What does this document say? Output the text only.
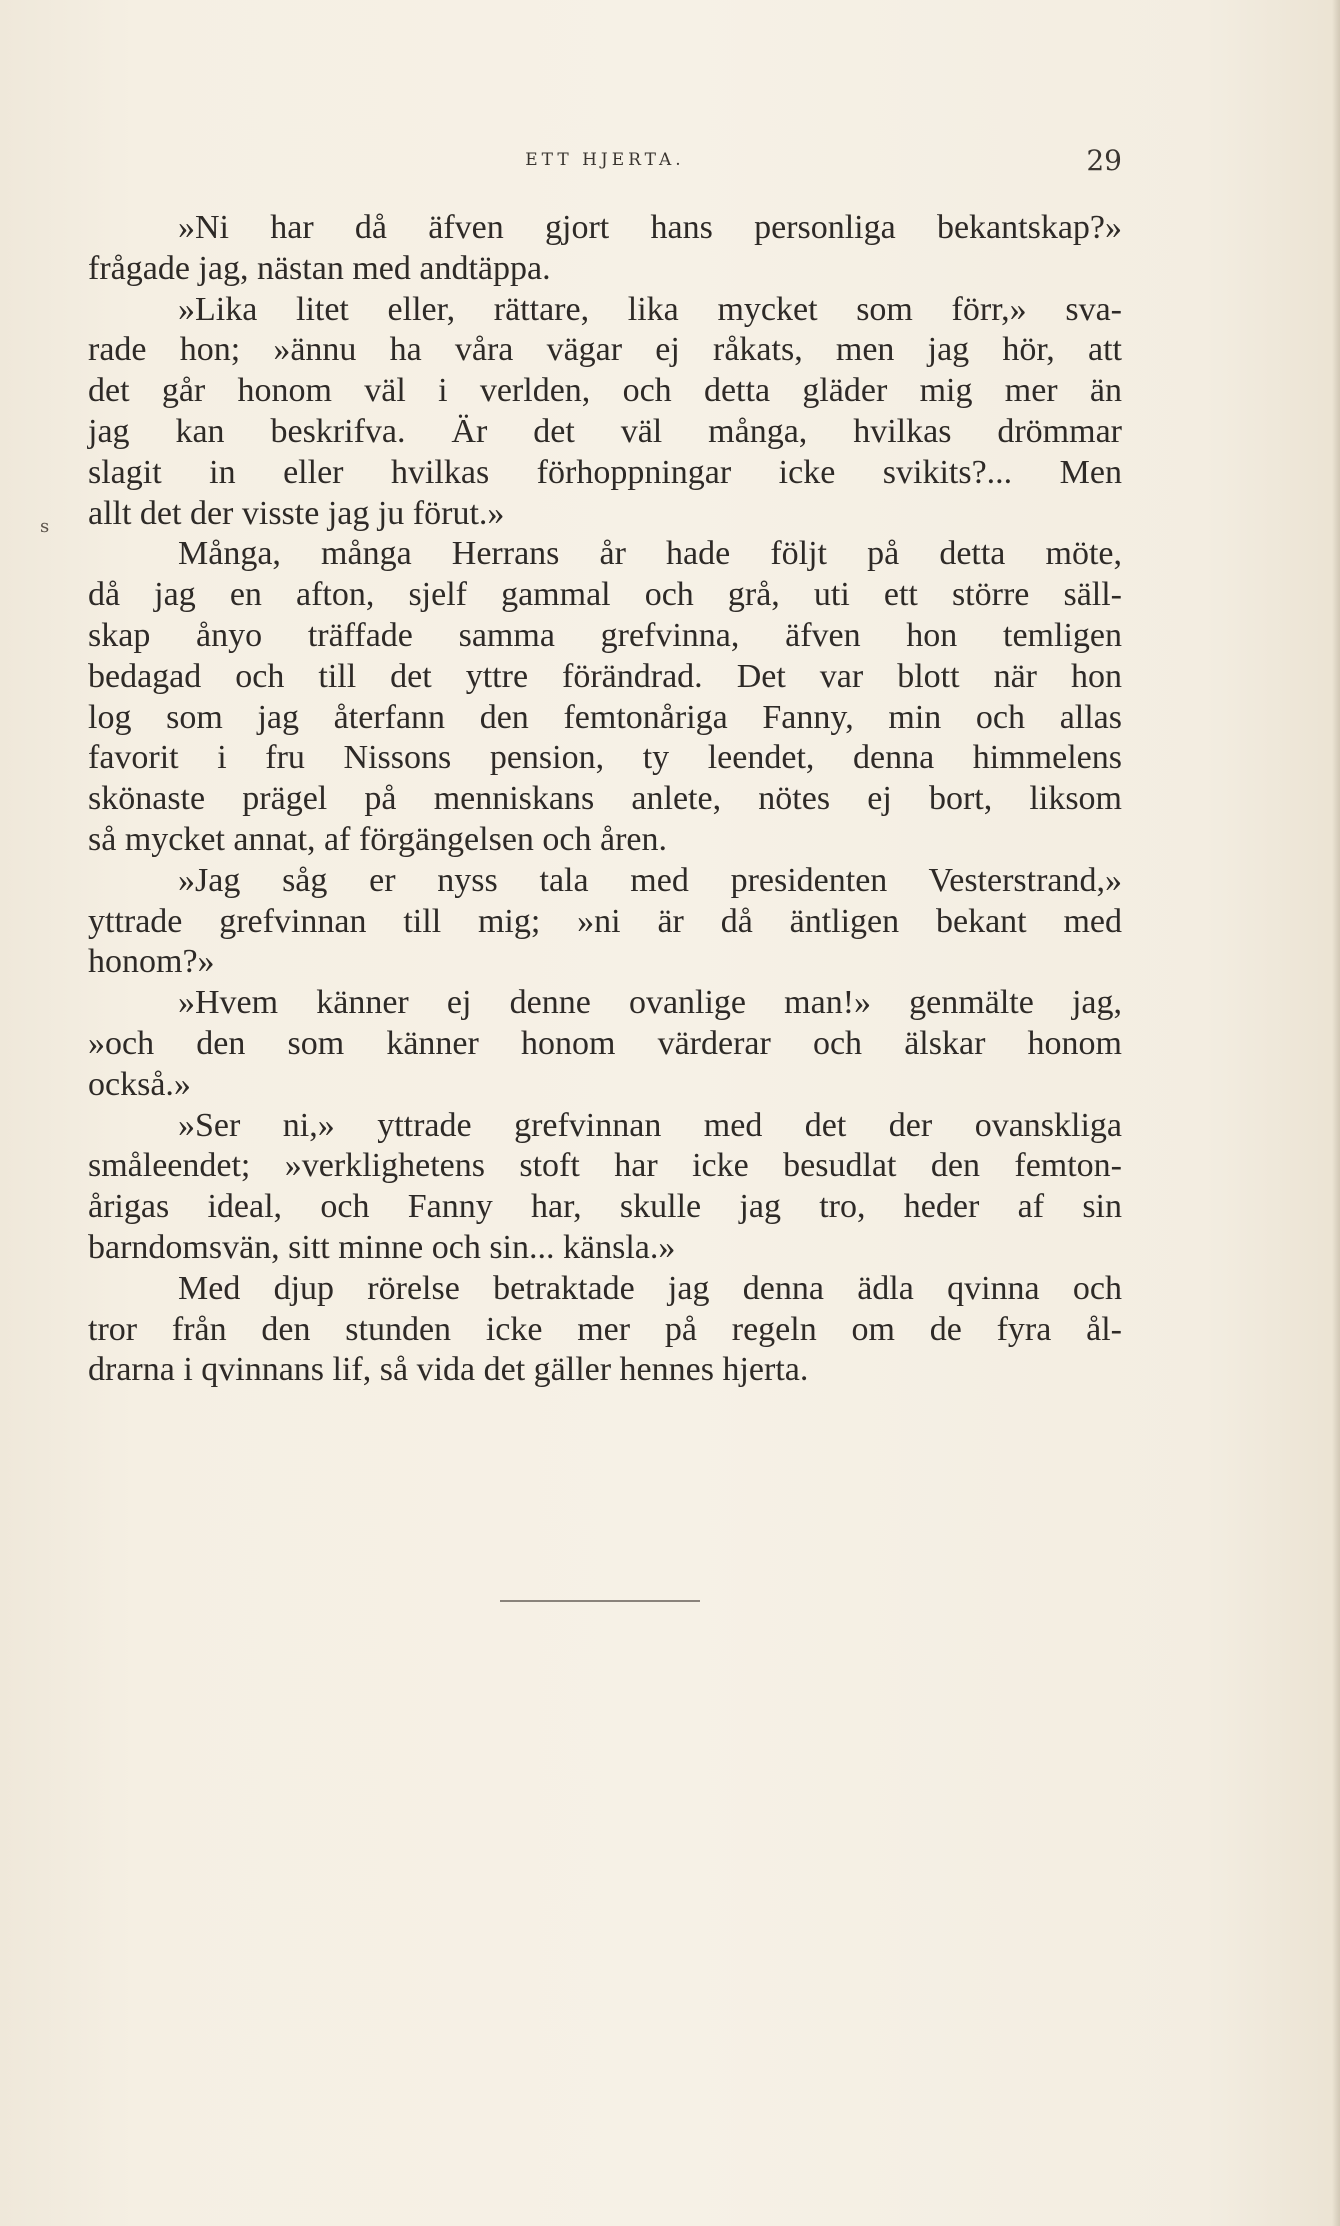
ETT HJERTA.	29
s
»Ni har då äfven gjort hans personliga bekantskap?»
frågade jag, nästan med andtäppa.
»Lika litet eller, rättare, lika mycket som förr,» sva-
rade hon; »ännu ha våra vägar ej råkats, men jag hör, att
det går honom väl i verlden, och detta gläder mig mer än
jag kan beskrifva. Är det väl många, hvilkas drömmar
slagit in eller hvilkas förhoppningar icke svikits?... Men
allt det der visste jag ju förut.»
Många, många Herrans år hade följt på detta möte,
då jag en afton, sjelf gammal och grå, uti ett större säll-
skap ånyo träffade samma grefvinna, äfven hon temligen
bedagad och till det yttre förändrad. Det var blott när hon
log som jag återfann den femtonåriga Fanny, min och allas
favorit i fru Nissons pension, ty leendet, denna himmelens
skönaste prägel på menniskans anlete, nötes ej bort, liksom
så mycket annat, af förgängelsen och åren.
»Jag såg er nyss tala med presidenten Vesterstrand,»
yttrade grefvinnan till mig; »ni är då äntligen bekant med
honom?»
»Hvem känner ej denne ovanlige man!» genmälte jag,
»och den som känner honom värderar och älskar honom
också.»
»Ser ni,» yttrade grefvinnan med det der ovanskliga
småleendet; »verklighetens stoft har icke besudlat den femton-
årigas ideal, och Fanny har, skulle jag tro, heder af sin
barndomsvän, sitt minne och sin... känsla.»
Med djup rörelse betraktade jag denna ädla qvinna och
tror från den stunden icke mer på regeln om de fyra ål-
drarna i qvinnans lif, så vida det gäller hennes hjerta.
